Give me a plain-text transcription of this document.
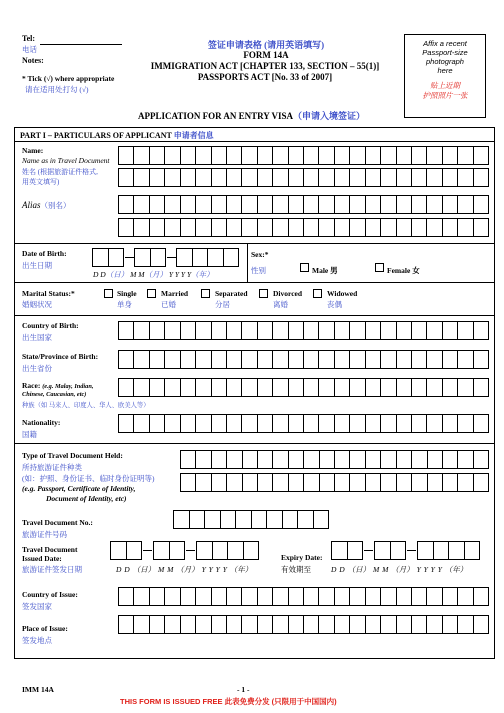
Tel:
电话
Notes:
* Tick (√) where appropriate
请在适用处打勾 (√)
签证申请表格 (请用英语填写)
FORM 14A
IMMIGRATION ACT [CHAPTER 133, SECTION – 55(1)]
PASSPORTS ACT [No. 33 of 2007]
APPLICATION FOR AN ENTRY VISA（申请入境签证）
Affix a recent
Passport-size
photograph
here
贴上近期
护照照片一张
PART I – PARTICULARS OF APPLICANT 申请者信息
Name:
Name as in Travel Document
姓名 (根据旅游证件格式,
用英文填写)
Alias（别名）
Date of Birth:
出生日期
D D（日） M M（月） Y Y Y Y（年）
Sex:*
性别	Male 男	Female 女
Marital Status:*
婚姻状况
Single
单身
Married
已婚
Separated
分居
Divorced
离婚
Widowed
丧偶
Country of Birth:
出生国家
State/Province of Birth:
出生省份
Race: (e.g. Malay, Indian,
Chinese, Caucasian, etc)
种族（如 马来人、印度人、华人、欧美人等）
Nationality:
国籍
Type of Travel Document Held:
所持旅游证件种类
(如：护照、身份证书、临时身份证明等)
(e.g. Passport, Certificate of Identity,
Document of Identity, etc)
Travel Document No.:
旅游证件号码
Travel Document
Issued Date:
旅游证件签发日期	D D （日） M M （月） Y Y Y Y （年）
Expiry Date:
有效期至	D D （日） M M （月） Y Y Y Y （年）
Country of Issue:
签发国家
Place of Issue:
签发地点
IMM 14A	- 1 -
THIS FORM IS ISSUED FREE 此表免费分发 (只限用于中国国内)
